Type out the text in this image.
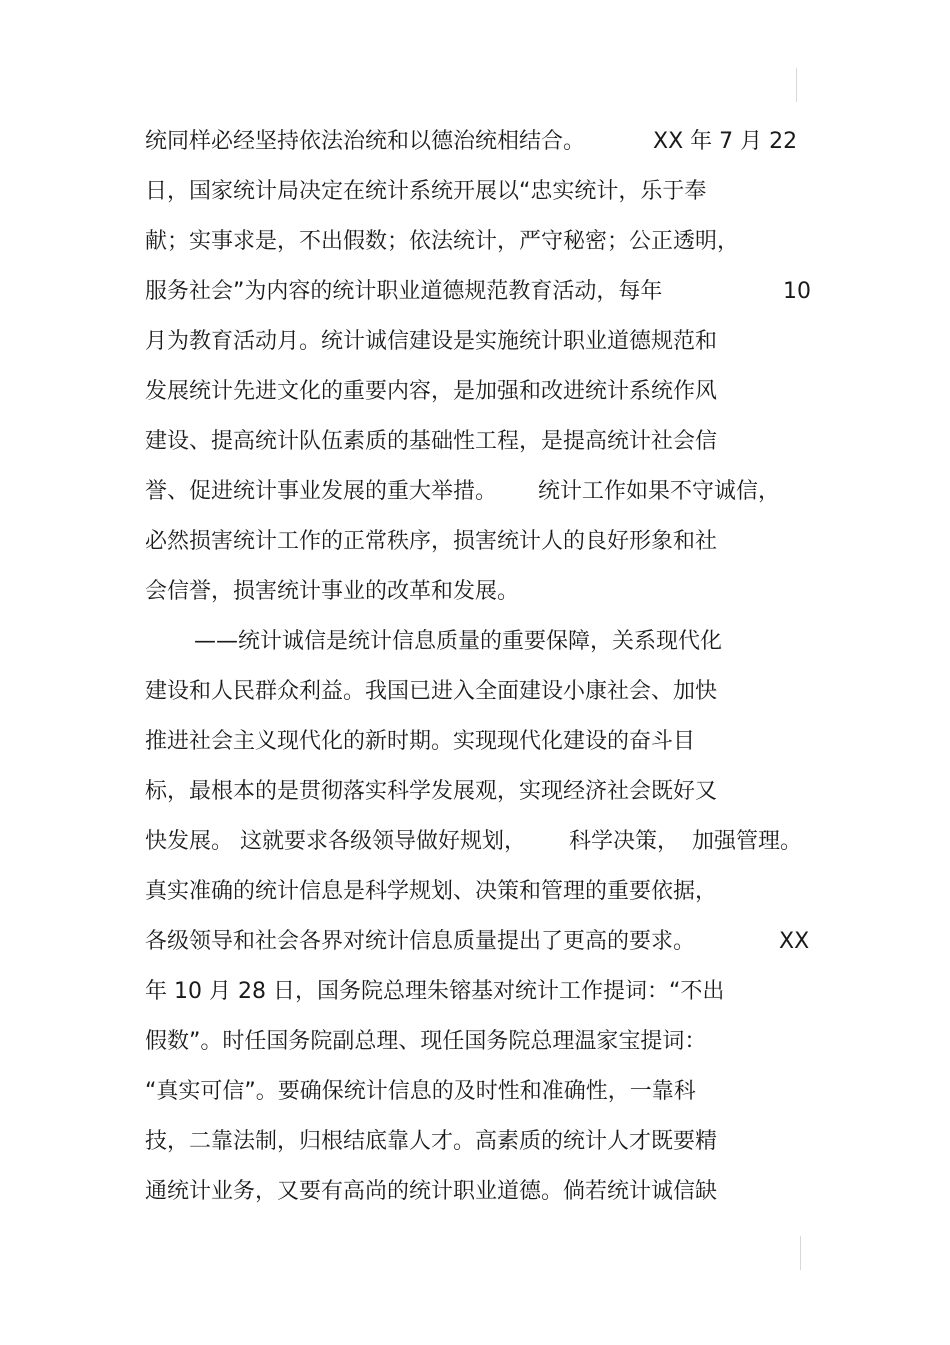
统同样必经坚持依法治统和以德治统相结合。	XX 年 7 月 22
日，国家统计局决定在统计系统开展以“忠实统计，乐于奉
献；实事求是，不出假数；依法统计，严守秘密；公正透明，
服务社会”为内容的统计职业道德规范教育活动，每年	10
月为教育活动月。统计诚信建设是实施统计职业道德规范和
发展统计先进文化的重要内容，是加强和改进统计系统作风
建设、提高统计队伍素质的基础性工程，是提高统计社会信
誉、促进统计事业发展的重大举措。 统计工作如果不守诚信，
必然损害统计工作的正常秩序，损害统计人的良好形象和社
会信誉，损害统计事业的改革和发展。
——统计诚信是统计信息质量的重要保障，关系现代化
建设和人民群众利益。我国已进入全面建设小康社会、加快
推进社会主义现代化的新时期。实现现代化建设的奋斗目
标，最根本的是贯彻落实科学发展观，实现经济社会既好又
快发展。 这就要求各级领导做好规划， 科学决策， 加强管理。
真实准确的统计信息是科学规划、决策和管理的重要依据，
各级领导和社会各界对统计信息质量提出了更高的要求。	XX
年 10 月 28 日，国务院总理朱镕基对统计工作提词：“不出
假数”。时任国务院副总理、现任国务院总理温家宝提词：
“真实可信”。要确保统计信息的及时性和准确性，一靠科
技，二靠法制，归根结底靠人才。高素质的统计人才既要精
通统计业务，又要有高尚的统计职业道德。倘若统计诚信缺
